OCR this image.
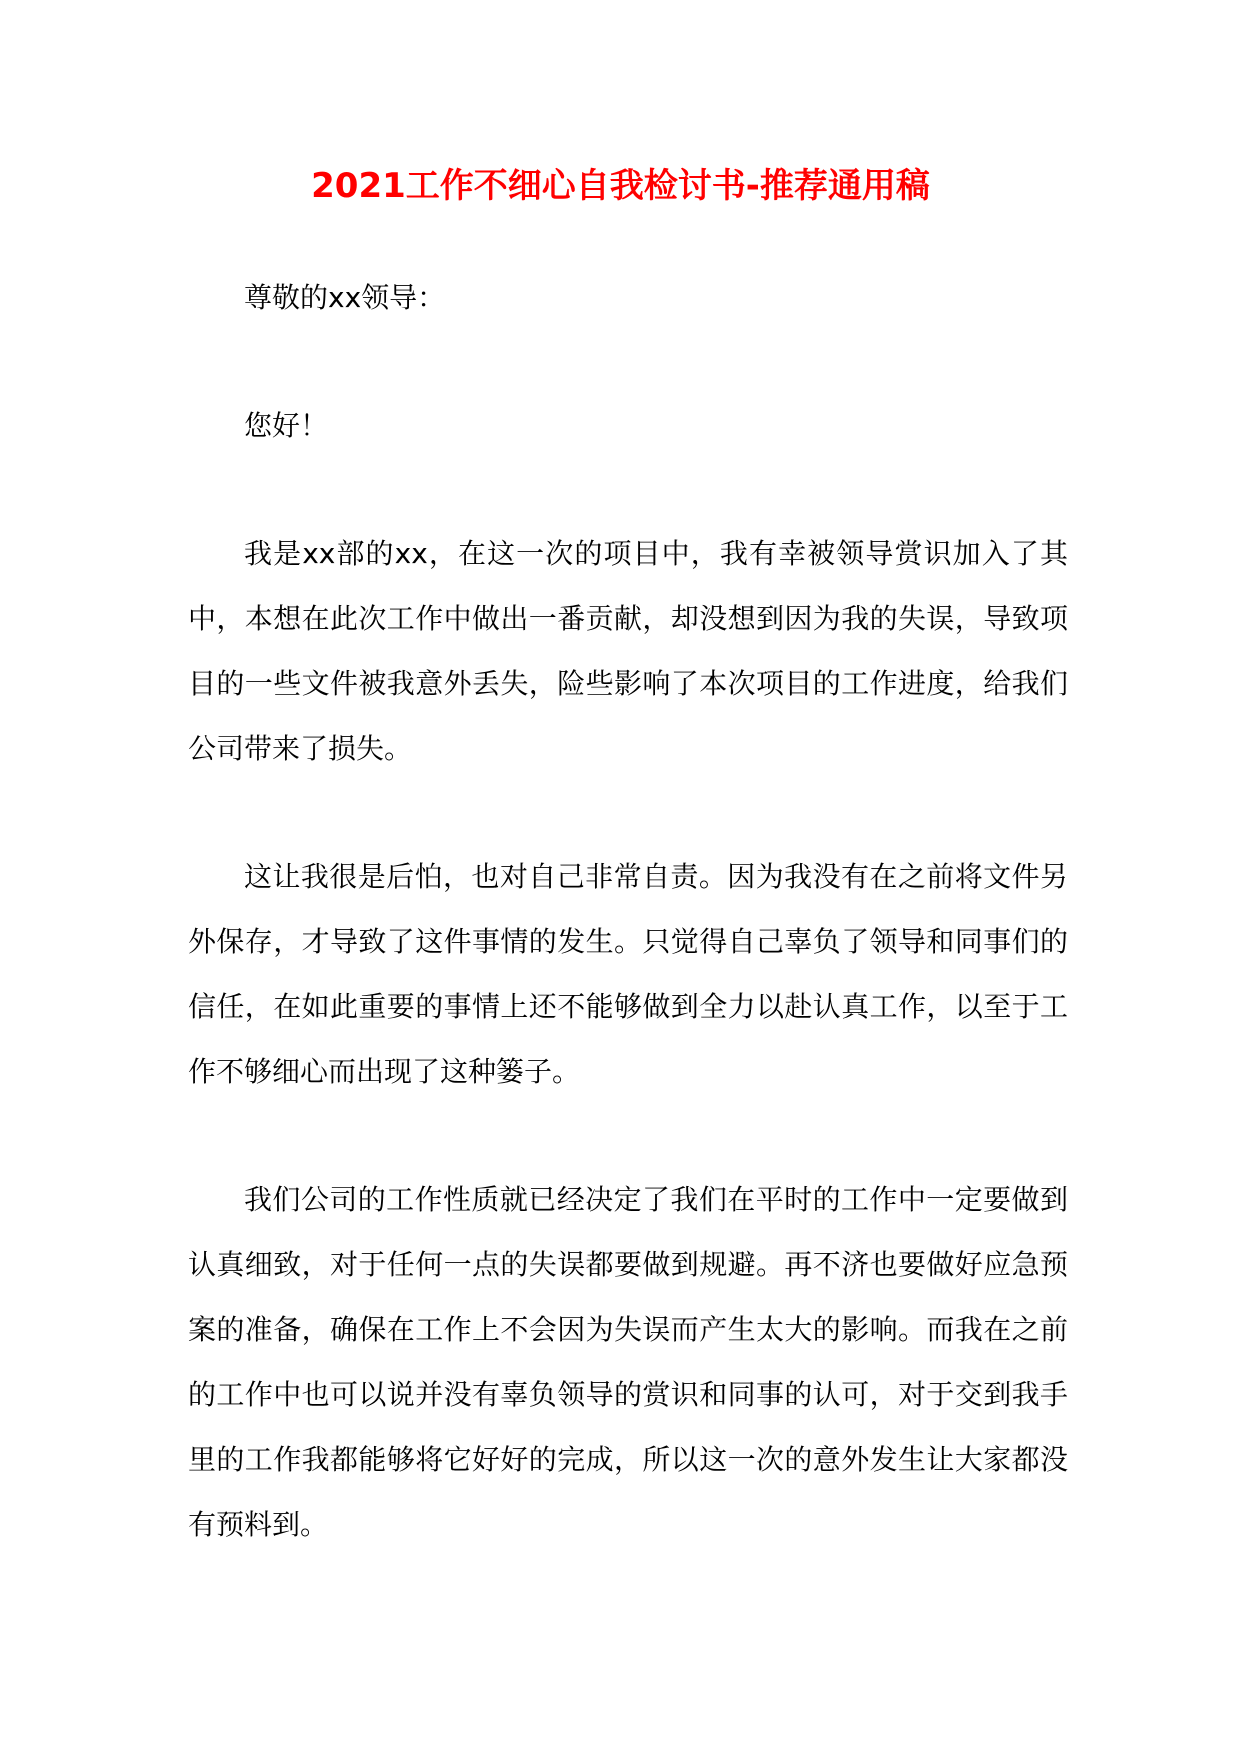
2021工作不细心自我检讨书-推荐通用稿

尊敬的xx领导：

您好！

我是xx部的xx，在这一次的项目中，我有幸被领导赏识加入了其中，本想在此次工作中做出一番贡献，却没想到因为我的失误，导致项目的一些文件被我意外丢失，险些影响了本次项目的工作进度，给我们公司带来了损失。

这让我很是后怕，也对自己非常自责。因为我没有在之前将文件另外保存，才导致了这件事情的发生。只觉得自己辜负了领导和同事们的信任，在如此重要的事情上还不能够做到全力以赴认真工作，以至于工作不够细心而出现了这种篓子。

我们公司的工作性质就已经决定了我们在平时的工作中一定要做到认真细致，对于任何一点的失误都要做到规避。再不济也要做好应急预案的准备，确保在工作上不会因为失误而产生太大的影响。而我在之前的工作中也可以说并没有辜负领导的赏识和同事的认可，对于交到我手里的工作我都能够将它好好的完成，所以这一次的意外发生让大家都没有预料到。
